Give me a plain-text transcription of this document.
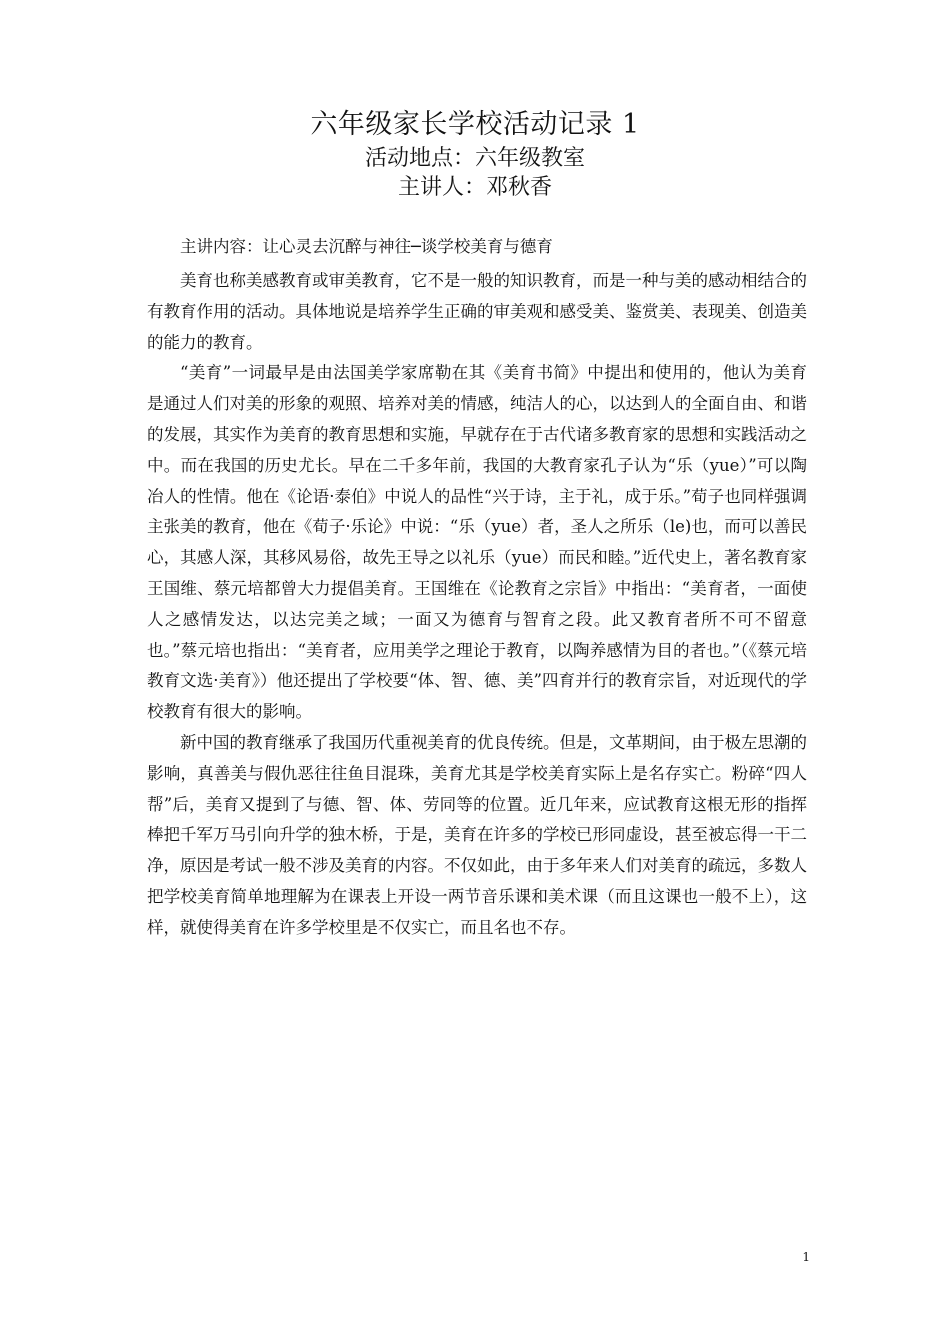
六年级家长学校活动记录 1
活动地点：六年级教室
主讲人：邓秋香

主讲内容：让心灵去沉醉与神往─谈学校美育与德育

美育也称美感教育或审美教育，它不是一般的知识教育，而是一种与美的感动相结合的有教育作用的活动。具体地说是培养学生正确的审美观和感受美、鉴赏美、表现美、创造美的能力的教育。

“美育”一词最早是由法国美学家席勒在其《美育书简》中提出和使用的，他认为美育是通过人们对美的形象的观照、培养对美的情感，纯洁人的心，以达到人的全面自由、和谐的发展，其实作为美育的教育思想和实施，早就存在于古代诸多教育家的思想和实践活动之中。而在我国的历史尤长。早在二千多年前，我国的大教育家孔子认为“乐（yue）”可以陶冶人的性情。他在《论语·泰伯》中说人的品性“兴于诗，主于礼，成于乐。”荀子也同样强调主张美的教育，他在《荀子·乐论》中说：“乐（yue）者，圣人之所乐（le)也，而可以善民心，其感人深，其移风易俗，故先王导之以礼乐（yue）而民和睦。”近代史上，著名教育家王国维、蔡元培都曾大力提倡美育。王国维在《论教育之宗旨》中指出：“美育者，一面使人之感情发达，以达完美之域；一面又为德育与智育之段。此又教育者所不可不留意也。”蔡元培也指出：“美育者，应用美学之理论于教育，以陶养感情为目的者也。”（《蔡元培教育文选·美育》）他还提出了学校要“体、智、德、美”四育并行的教育宗旨，对近现代的学校教育有很大的影响。

新中国的教育继承了我国历代重视美育的优良传统。但是，文革期间，由于极左思潮的影响，真善美与假仇恶往往鱼目混珠，美育尤其是学校美育实际上是名存实亡。粉碎“四人帮”后，美育又提到了与德、智、体、劳同等的位置。近几年来，应试教育这根无形的指挥棒把千军万马引向升学的独木桥，于是，美育在许多的学校已形同虚设，甚至被忘得一干二净，原因是考试一般不涉及美育的内容。不仅如此，由于多年来人们对美育的疏远，多数人把学校美育简单地理解为在课表上开设一两节音乐课和美术课（而且这课也一般不上），这样，就使得美育在许多学校里是不仅实亡，而且名也不存。

1
